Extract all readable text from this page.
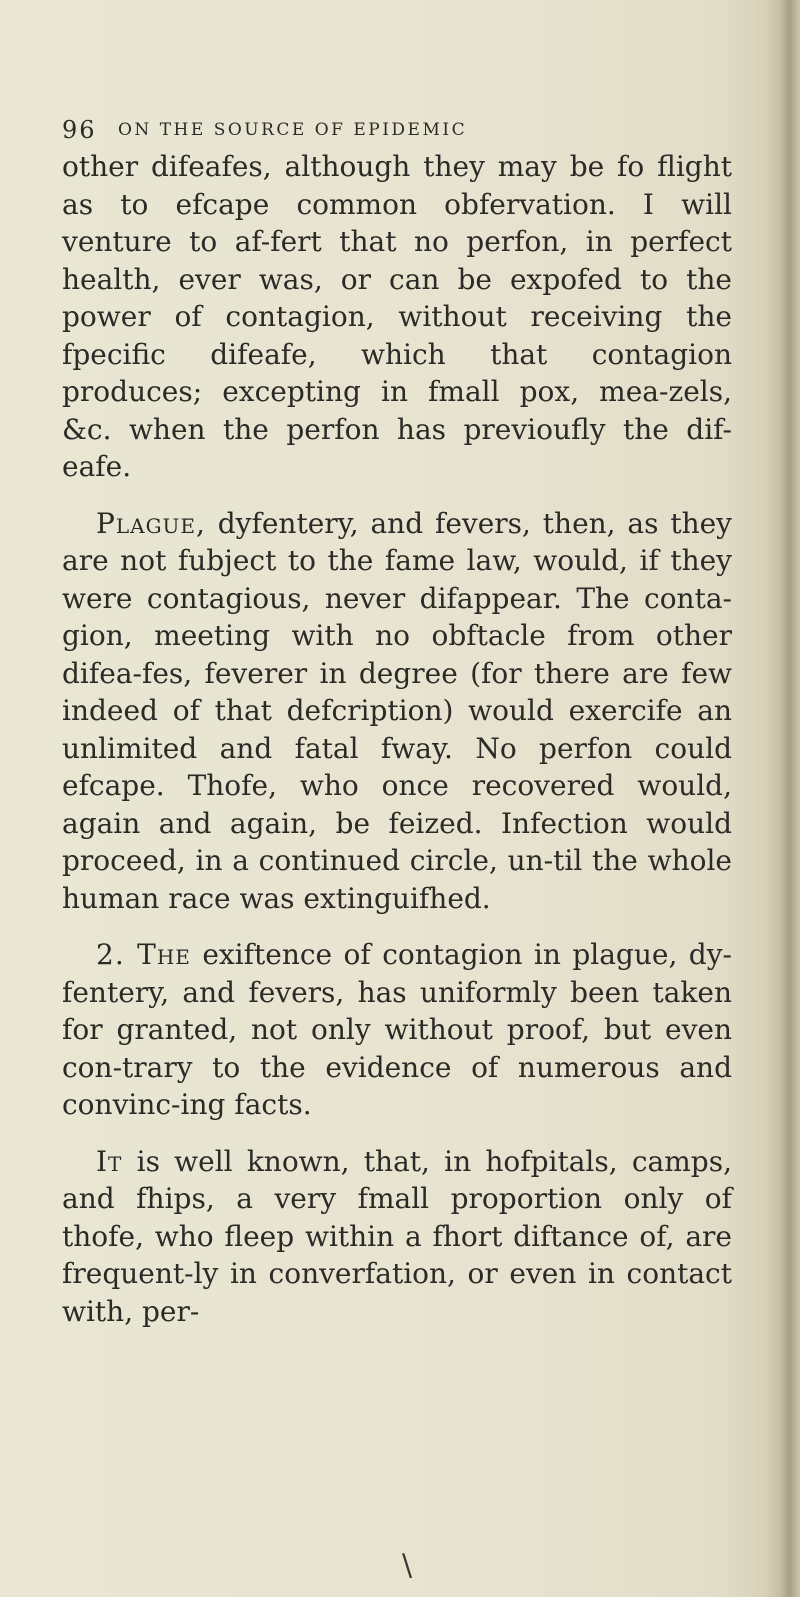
96 ON THE SOURCE OF EPIDEMIC

other difeafes, although they may be fo flight as to efcape common obfervation. I will venture to af-fert that no perfon, in perfect health, ever was, or can be expofed to the power of contagion, without receiving the fpecific difeafe, which that contagion produces; excepting in fmall pox, mea-zels, &c. when the perfon has previoufly the dif-eafe.

Plague, dyfentery, and fevers, then, as they are not fubject to the fame law, would, if they were contagious, never difappear. The conta-gion, meeting with no obftacle from other difea-fes, feverer in degree (for there are few indeed of that defcription) would exercife an unlimited and fatal fway. No perfon could efcape. Thofe, who once recovered would, again and again, be feized. Infection would proceed, in a continued circle, un-til the whole human race was extinguifhed.

2. The exiftence of contagion in plague, dy-fentery, and fevers, has uniformly been taken for granted, not only without proof, but even con-trary to the evidence of numerous and convinc-ing facts.

It is well known, that, in hofpitals, camps, and fhips, a very fmall proportion only of thofe, who fleep within a fhort diftance of, are frequent-ly in converfation, or even in contact with, per-

\
